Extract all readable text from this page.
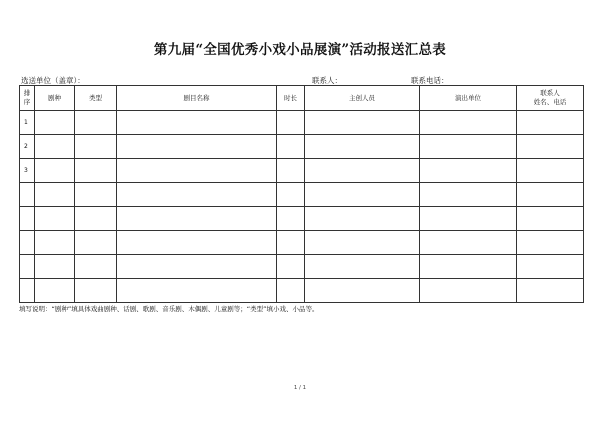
第九届“全国优秀小戏小品展演”活动报送汇总表
选送单位（盖章）：	联系人：	联系电话：
排
序	剧种	类型	剧目名称	时长	主创人员	演出单位	联系人
姓名、电话
1							
2							
3							

填写说明：“剧种”填具体戏曲剧种、话剧、歌剧、音乐剧、木偶剧、儿童剧等；“类型”填小戏、小品等。
1 / 1
